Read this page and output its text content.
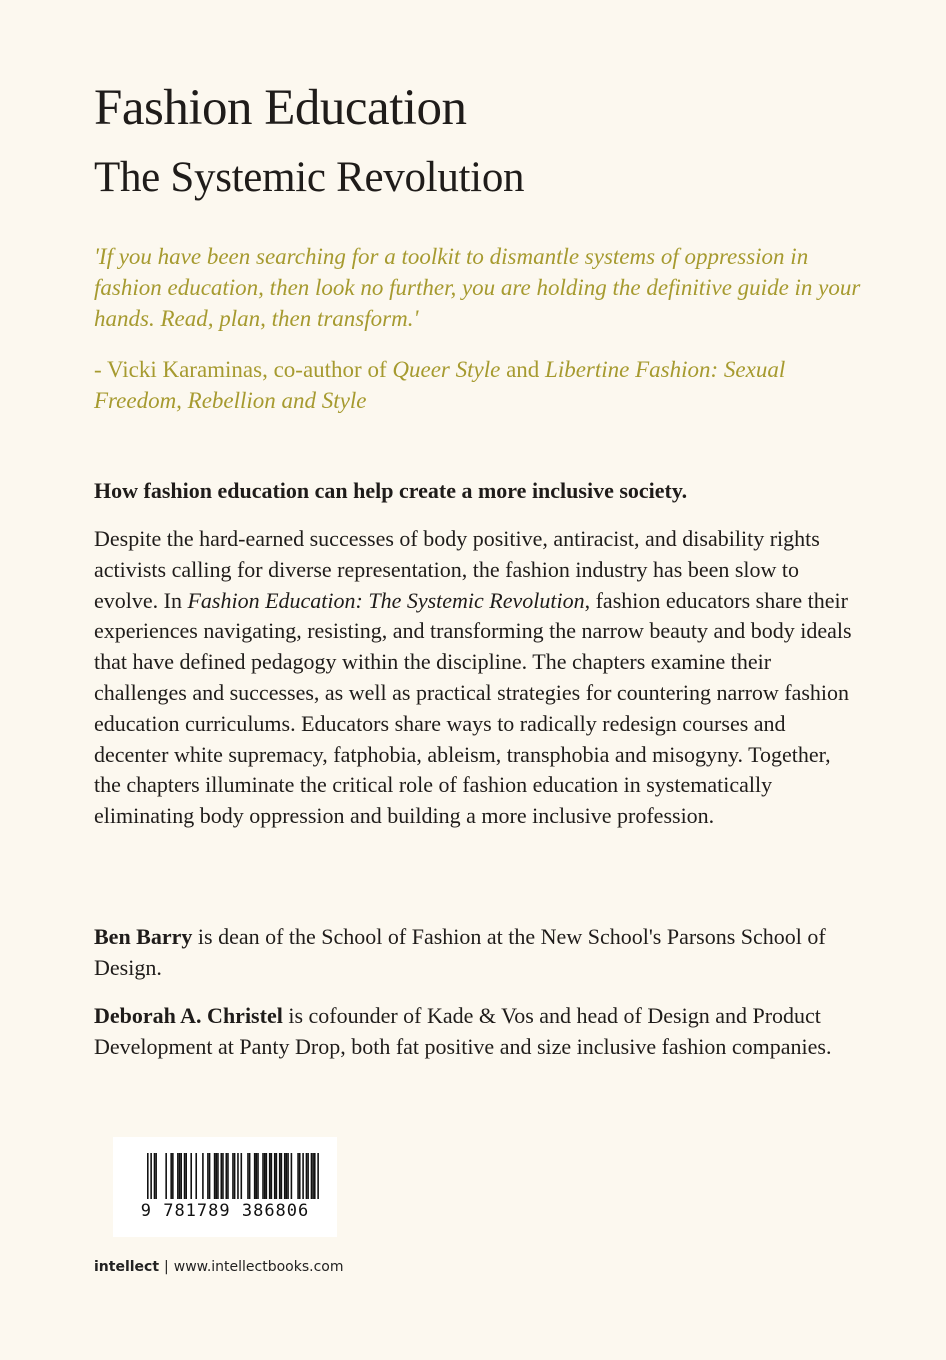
Fashion Education
The Systemic Revolution

'If you have been searching for a toolkit to dismantle systems of oppression in fashion education, then look no further, you are holding the definitive guide in your hands. Read, plan, then transform.'

- Vicki Karaminas, co-author of Queer Style and Libertine Fashion: Sexual Freedom, Rebellion and Style

How fashion education can help create a more inclusive society.

Despite the hard-earned successes of body positive, antiracist, and disability rights activists calling for diverse representation, the fashion industry has been slow to evolve. In Fashion Education: The Systemic Revolution, fashion educators share their experiences navigating, resisting, and transforming the narrow beauty and body ideals that have defined pedagogy within the discipline. The chapters examine their challenges and successes, as well as practical strategies for countering narrow fashion education curriculums. Educators share ways to radically redesign courses and decenter white supremacy, fatphobia, ableism, transphobia and misogyny. Together, the chapters illuminate the critical role of fashion education in systematically eliminating body oppression and building a more inclusive profession.

Ben Barry is dean of the School of Fashion at the New School's Parsons School of Design.

Deborah A. Christel is cofounder of Kade & Vos and head of Design and Product Development at Panty Drop, both fat positive and size inclusive fashion companies.

9 781789 386806
intellect | www.intellectbooks.com
